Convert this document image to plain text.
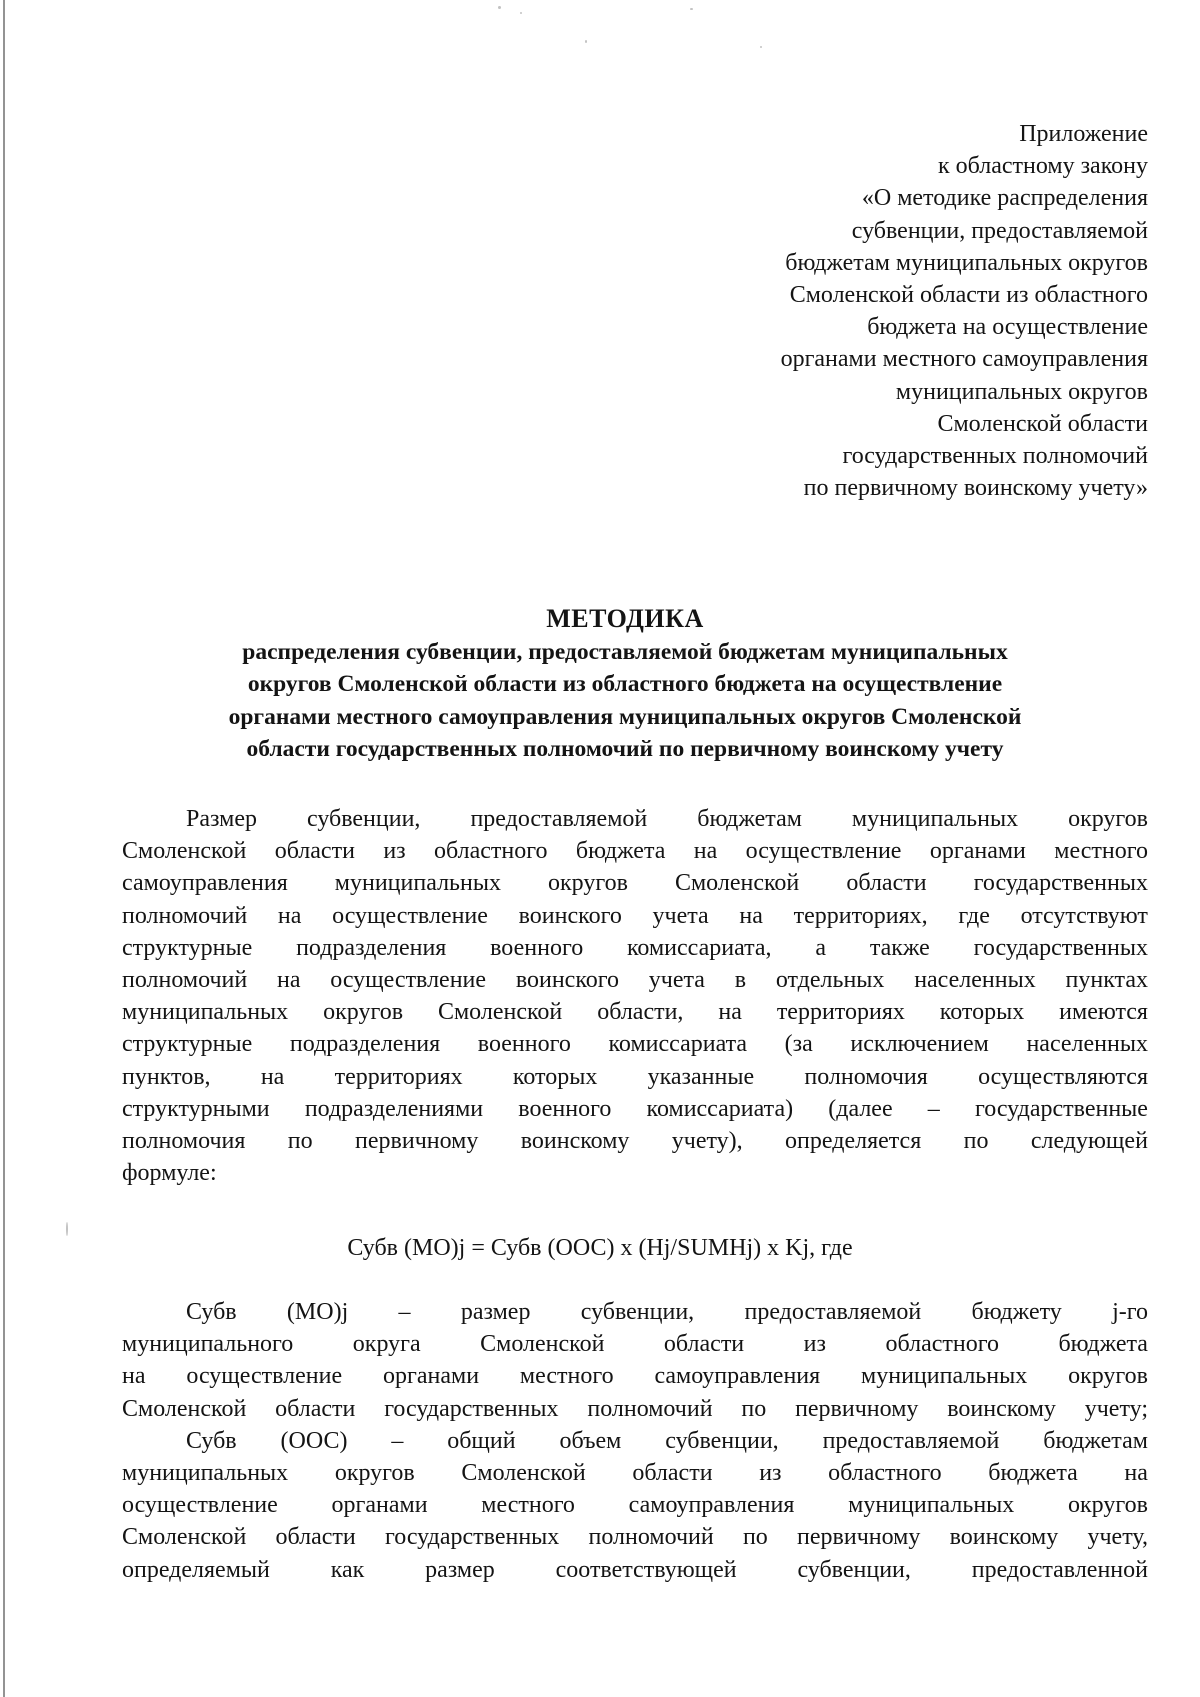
Приложение
к областному закону
«О методике распределения
субвенции, предоставляемой
бюджетам муниципальных округов
Смоленской области из областного
бюджета на осуществление
органами местного самоуправления
муниципальных округов
Смоленской области
государственных полномочий
по первичному воинскому учету»
МЕТОДИКА
распределения субвенции, предоставляемой бюджетам муниципальных
округов Смоленской области из областного бюджета на осуществление
органами местного самоуправления муниципальных округов Смоленской
области государственных полномочий по первичному воинскому учету
Размер субвенции, предоставляемой бюджетам муниципальных округов
Смоленской области из областного бюджета на осуществление органами местного
самоуправления муниципальных округов Смоленской области государственных
полномочий на осуществление воинского учета на территориях, где отсутствуют
структурные подразделения военного комиссариата, а также государственных
полномочий на осуществление воинского учета в отдельных населенных пунктах
муниципальных округов Смоленской области, на территориях которых имеются
структурные подразделения военного комиссариата (за исключением населенных
пунктов, на территориях которых указанные полномочия осуществляются
структурными подразделениями военного комиссариата) (далее – государственные
полномочия по первичному воинскому учету), определяется по следующей
формуле:
Субв (МО)j = Субв (ООС) x (Hj/SUMHj) x Kj, где
Субв (МО)j – размер субвенции, предоставляемой бюджету j-го
муниципального округа Смоленской области из областного бюджета
на осуществление органами местного самоуправления муниципальных округов
Смоленской области государственных полномочий по первичному воинскому учету;
Субв (ООС) – общий объем субвенции, предоставляемой бюджетам
муниципальных округов Смоленской области из областного бюджета на
осуществление органами местного самоуправления муниципальных округов
Смоленской области государственных полномочий по первичному воинскому учету,
определяемый	как	размер	соответствующей	субвенции,	предоставленной
